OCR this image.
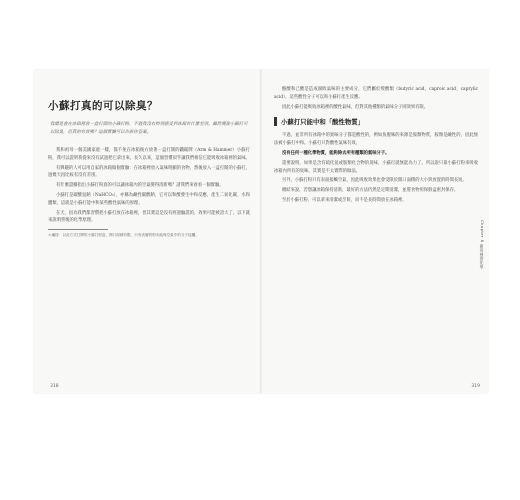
小蘇打真的可以除臭？
我總是會在冰箱裡放一盒打開的小蘇打粉，不過我沒有特別感受到冰箱有什麼差別。雖然傳說小蘇打可以除臭，但真的有效嗎？這個實驗可以告訴你答案。

我和祖母一個美國家庭一樣，都不免在冰箱後方放著一盒打開的鐵鎚牌（Arm & Hammer）小蘇打粉，我可以證明我從來沒有試過把它拿出來。長久以來，這個習慣似乎讓我們相信它能吸收冰箱裡的氣味。

有興趣的人可以用自家的冰箱做個實驗：在冰箱裡放入氣味明顯的食物，然後放入一盒打開的小蘇打，過幾天再比較有沒有差別。

有什麼證據指出小蘇打粉真的可以讓冰箱內的空氣變得清新嗎？請我們來看看一個實驗。

小蘇打是碳酸氫鈉（NaHCO₃），亦稱為鹼性碳酸鈉，它可以和酸發生中和反應，產生二氧化碳、水和鹽類，這就是小蘇打能中和某些酸性氣味的原理。

在天，因為我們都習慣把小蘇打放在冰箱裡，但其實這是沒有經過驗證的，效果可能被誇大了。以下就來說明背後的化學原理。

＊編按：以此方式打開的小蘇打粉盒，開口面積有限，只有表層的粉末能與空氣中的分子接觸。

318

酪酸和己酸是造成腐敗氣味的主要成分，它們屬於羧酸類（butyric acid、caproic acid、caprylic acid），這些酸性分子可以和小蘇打產生反應。

因此小蘇打能吸收冰箱裡的酸性氣味，但對其他種類的氣味分子則效果有限。

小蘇打只能中和「酸性物質」

不過，並非所有冰箱中的異味分子都是酸性的，例如魚腥味的來源是胺類物質，胺類是鹼性的，因此無法被小蘇打中和。小蘇打只對酸性氣味有效。

沒有任何一種化學物質，能夠除去所有種類的氣味分子。

還要說明，如果是含有硫化氫或胺類化合物的臭味，小蘇打就無能為力了。所以說只靠小蘇打粉來吸收冰箱內所有的臭味，其實是不太實際的做法。

另外，小蘇打粉只有表面接觸空氣，因此吸收效果也會受限於開口面積的大小與放置的時間長短。

總結來說，若想讓冰箱保持清新，最好的方法仍然是定期清潔，並將食物用保鮮盒密封保存。

至於小蘇打粉，可以拿來清潔或烹飪，而不是長時間放在冰箱裡。

319
Chapter 8 廚房裡的化學
